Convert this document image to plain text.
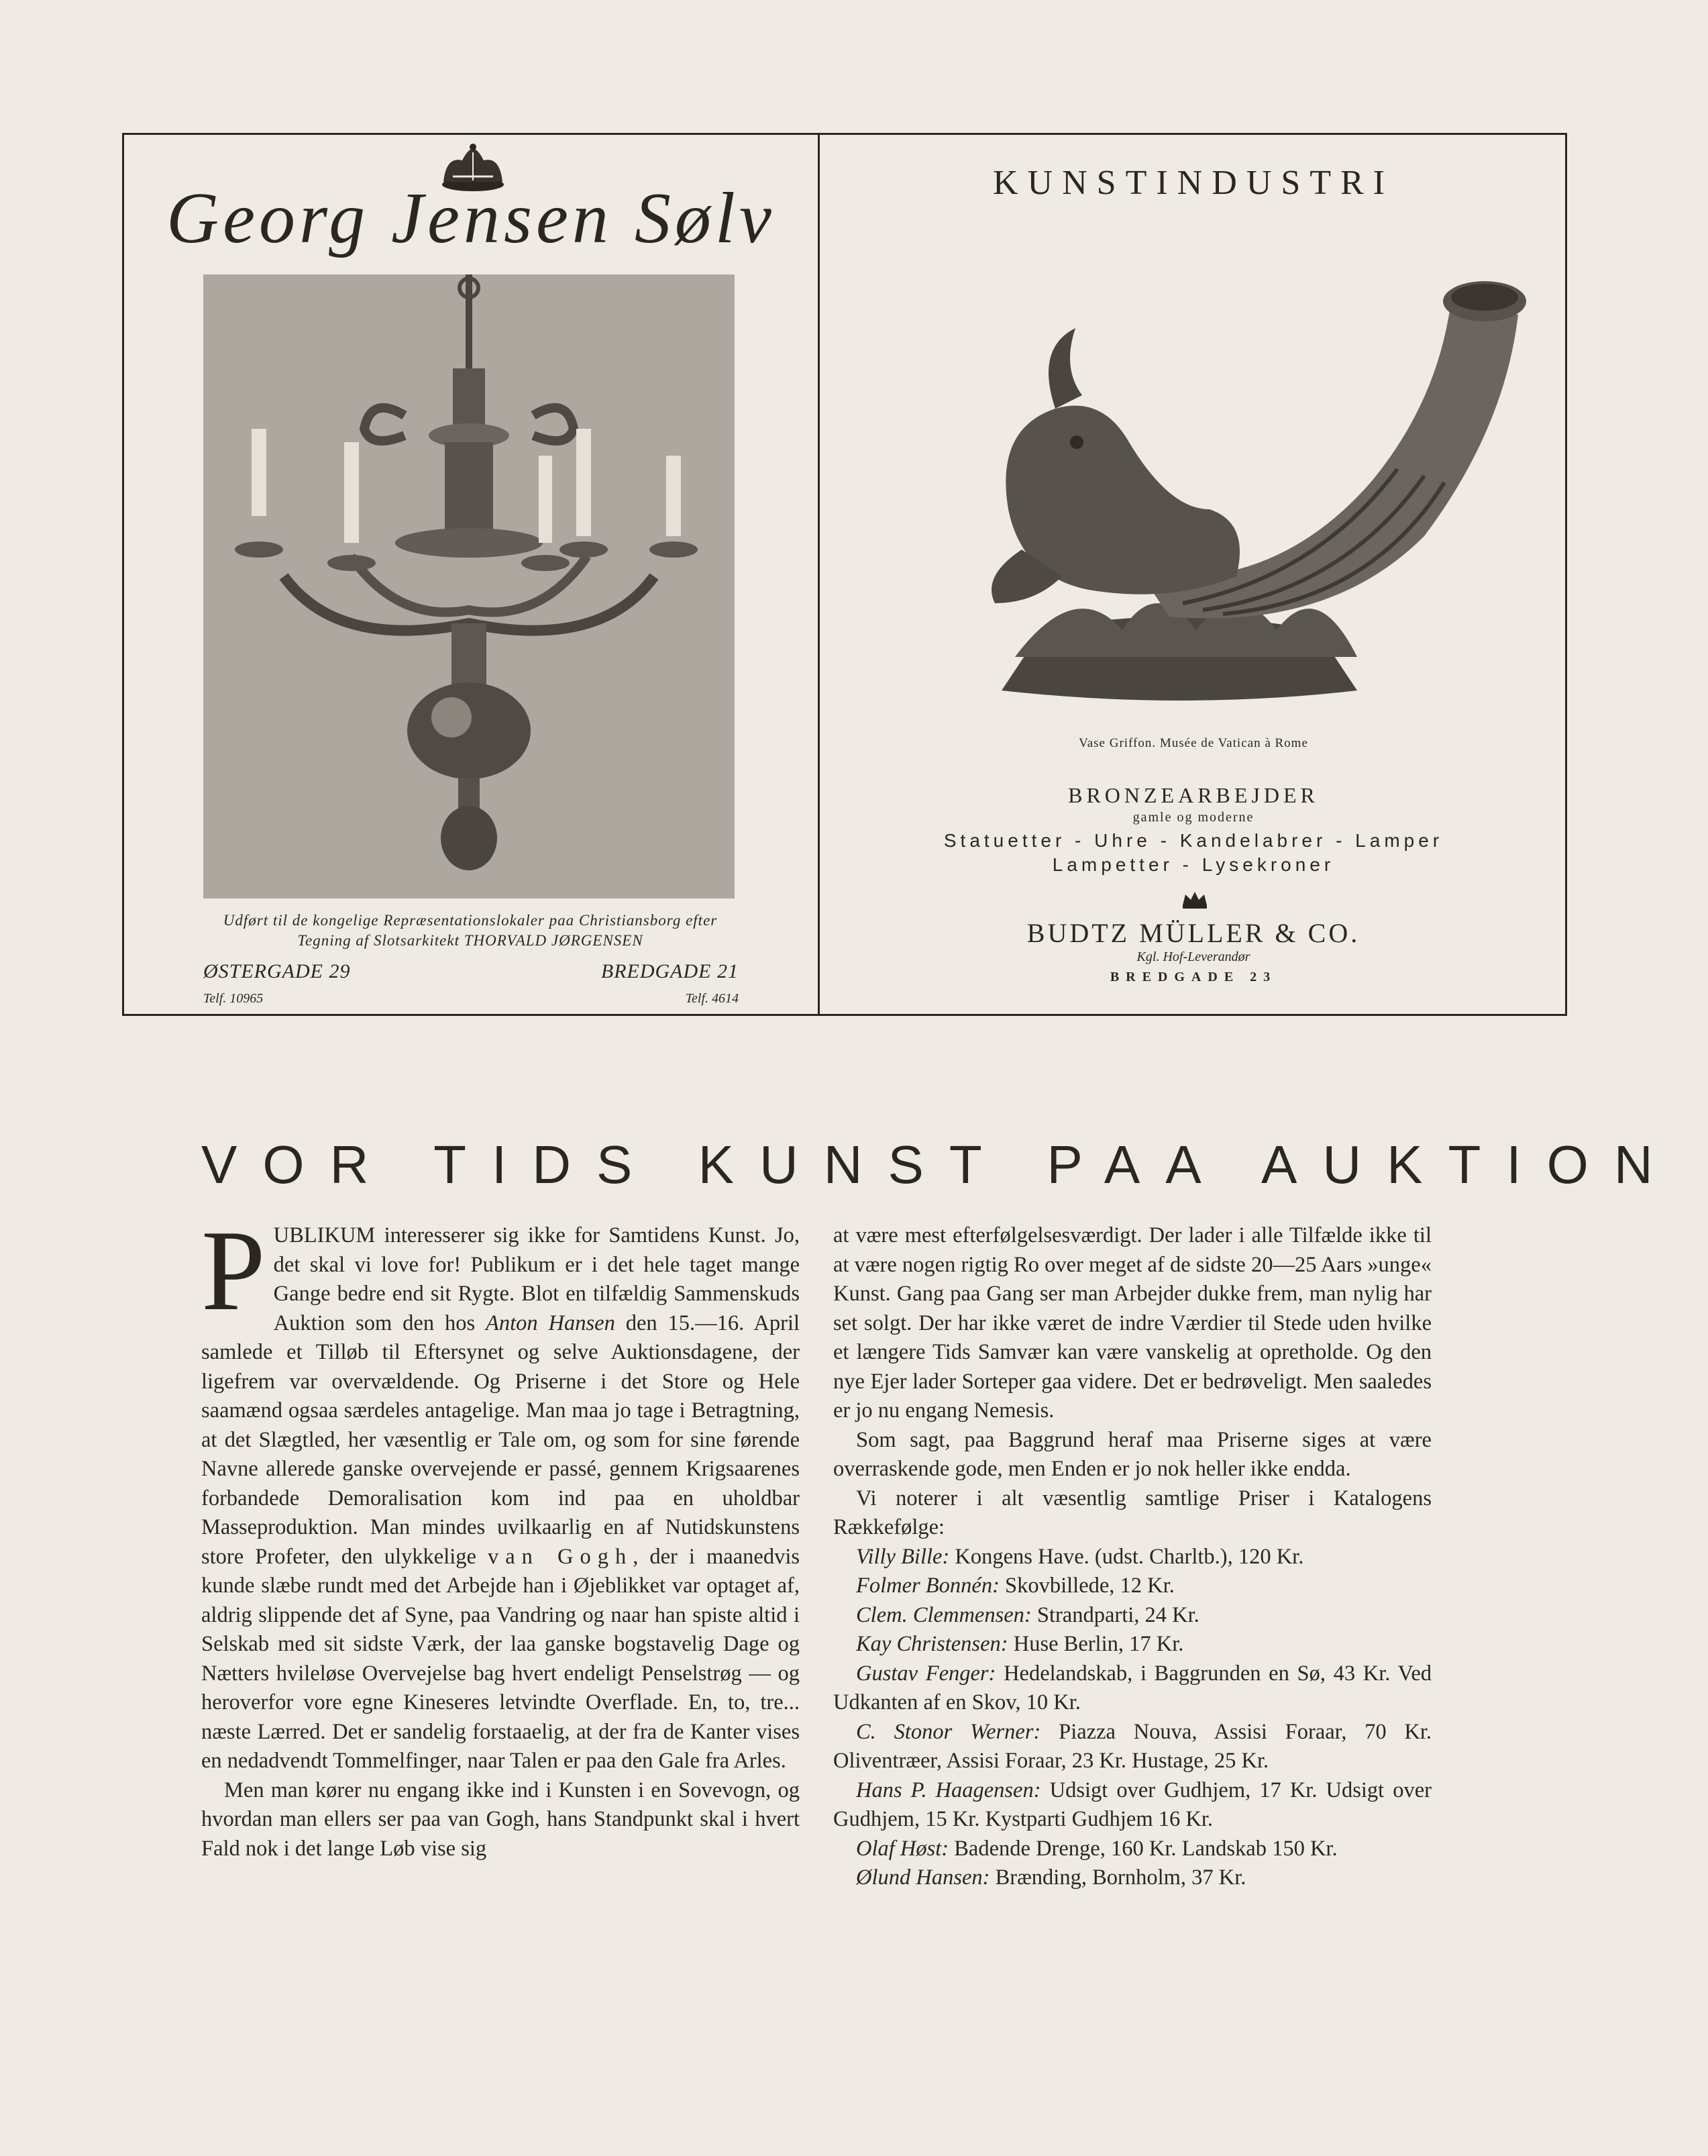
Georg Jensen Sølv
Udført til de kongelige Repræsentationslokaler paa Christiansborg efter
Tegning af Slotsarkitekt THORVALD JØRGENSEN
ØSTERGADE 29
Telf. 10965
BREDGADE 21
Telf. 4614
KUNSTINDUSTRI
Vase Griffon. Musée de Vatican à Rome
BRONZEARBEJDER
gamle og moderne
Statuetter - Uhre - Kandelabrer - Lamper
Lampetter - Lysekroner
BUDTZ MÜLLER & CO.
Kgl. Hof-Leverandør
BREDGADE 23
VOR TIDS KUNST PAA AUKTION

PUBLIKUM interesserer sig ikke for Samtidens Kunst. Jo, det skal vi love for! Publikum er i det hele taget mange Gange bedre end sit Rygte. Blot en tilfældig Sammenskuds Auktion som den hos Anton Hansen den 15.—16. April samlede et Tilløb til Eftersynet og selve Auktionsdagene, der ligefrem var overvældende. Og Priserne i det Store og Hele saamænd ogsaa særdeles antagelige. Man maa jo tage i Betragtning, at det Slægtled, her væsentlig er Tale om, og som for sine førende Navne allerede ganske overvejende er passé, gennem Krigsaarenes forbandede Demoralisation kom ind paa en uholdbar Masseproduktion. Man mindes uvilkaarlig en af Nutidskunstens store Profeter, den ulykkelige van Gogh, der i maanedvis kunde slæbe rundt med det Arbejde han i Øjeblikket var optaget af, aldrig slippende det af Syne, paa Vandring og naar han spiste altid i Selskab med sit sidste Værk, der laa ganske bogstavelig Dage og Nætters hvileløse Overvejelse bag hvert endeligt Penselstrøg — og heroverfor vore egne Kineseres letvindte Overflade. En, to, tre... næste Lærred. Det er sandelig forstaaelig, at der fra de Kanter vises en nedadvendt Tommelfinger, naar Talen er paa den Gale fra Arles.

Men man kører nu engang ikke ind i Kunsten i en Sovevogn, og hvordan man ellers ser paa van Gogh, hans Standpunkt skal i hvert Fald nok i det lange Løb vise sig

at være mest efterfølgelsesværdigt. Der lader i alle Tilfælde ikke til at være nogen rigtig Ro over meget af de sidste 20—25 Aars »unge« Kunst. Gang paa Gang ser man Arbejder dukke frem, man nylig har set solgt. Der har ikke været de indre Værdier til Stede uden hvilke et længere Tids Samvær kan være vanskelig at opretholde. Og den nye Ejer lader Sorteper gaa videre. Det er bedrøveligt. Men saaledes er jo nu engang Nemesis.

Som sagt, paa Baggrund heraf maa Priserne siges at være overraskende gode, men Enden er jo nok heller ikke endda.

Vi noterer i alt væsentlig samtlige Priser i Katalogens Rækkefølge:

Villy Bille: Kongens Have. (udst. Charltb.), 120 Kr.

Folmer Bonnén: Skovbillede, 12 Kr.

Clem. Clemmensen: Strandparti, 24 Kr.

Kay Christensen: Huse Berlin, 17 Kr.

Gustav Fenger: Hedelandskab, i Baggrunden en Sø, 43 Kr. Ved Udkanten af en Skov, 10 Kr.

C. Stonor Werner: Piazza Nouva, Assisi Foraar, 70 Kr. Oliventræer, Assisi Foraar, 23 Kr. Hustage, 25 Kr.

Hans P. Haagensen: Udsigt over Gudhjem, 17 Kr. Udsigt over Gudhjem, 15 Kr. Kystparti Gudhjem 16 Kr.

Olaf Høst: Badende Drenge, 160 Kr. Landskab 150 Kr.

Ølund Hansen: Brænding, Bornholm, 37 Kr.
